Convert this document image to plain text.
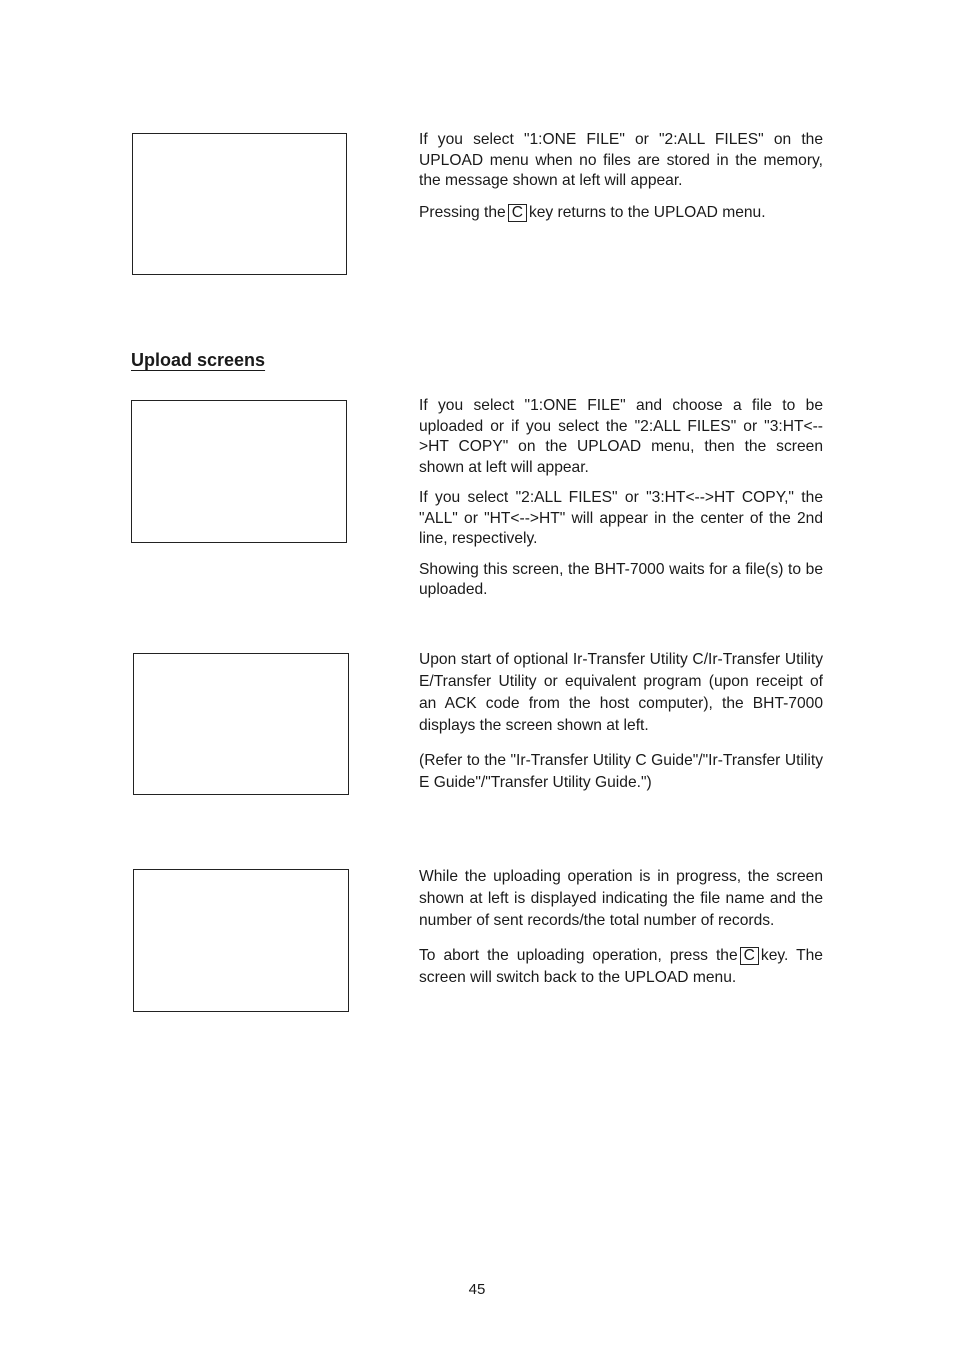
If you select "1:ONE FILE" or "2:ALL FILES" on the UPLOAD menu when no files are stored in the memory, the message shown at left will appear.

Pressing the C key returns to the UPLOAD menu.

Upload screens

If you select "1:ONE FILE" and choose a file to be uploaded or if you select the "2:ALL FILES" or "3:HT<-->HT COPY" on the UPLOAD menu, then the screen shown at left will appear.

If you select "2:ALL FILES" or "3:HT<-->HT COPY," the "ALL" or "HT<-->HT" will appear in the center of the 2nd line, respectively.

Showing this screen, the BHT-7000 waits for a file(s) to be uploaded.

Upon start of optional Ir-Transfer Utility C/Ir-Transfer Utility E/Transfer Utility or equivalent program (upon receipt of an ACK code from the host computer), the BHT-7000 displays the screen shown at left.

(Refer to the "Ir-Transfer Utility C Guide"/"Ir-Transfer Utility E Guide"/"Transfer Utility Guide.")

While the uploading operation is in progress, the screen shown at left is displayed indicating the file name and the number of sent records/the total number of records.

To abort the uploading operation, press the C key. The screen will switch back to the UPLOAD menu.

45
